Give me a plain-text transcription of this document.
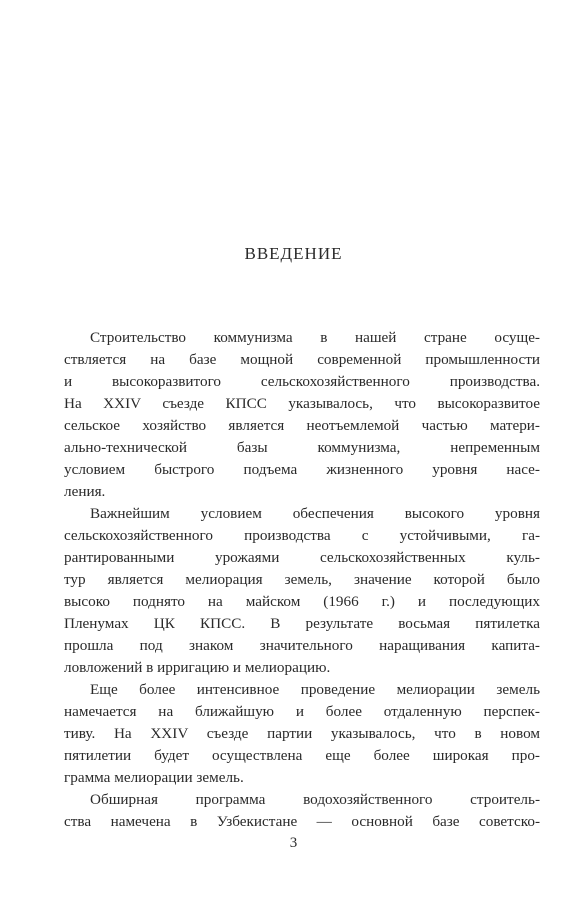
ВВЕДЕНИЕ
Строительство коммунизма в нашей стране осуще-
ствляется на базе мощной современной промышленности
и высокоразвитого сельскохозяйственного производства.
На XXIV съезде КПСС указывалось, что высокоразвитое
сельское хозяйство является неотъемлемой частью матери-
ально-технической базы коммунизма, непременным
условием быстрого подъема жизненного уровня насе-
ления.
Важнейшим условием обеспечения высокого уровня
сельскохозяйственного производства с устойчивыми, га-
рантированными урожаями сельскохозяйственных куль-
тур является мелиорация земель, значение которой было
высоко поднято на майском (1966 г.) и последующих
Пленумах ЦК КПСС. В результате восьмая пятилетка
прошла под знаком значительного наращивания капита-
ловложений в ирригацию и мелиорацию.
Еще более интенсивное проведение мелиорации земель
намечается на ближайшую и более отдаленную перспек-
тиву. На XXIV съезде партии указывалось, что в новом
пятилетии будет осуществлена еще более широкая про-
грамма мелиорации земель.
Обширная программа водохозяйственного строитель-
ства намечена в Узбекистане — основной базе советско-
3
